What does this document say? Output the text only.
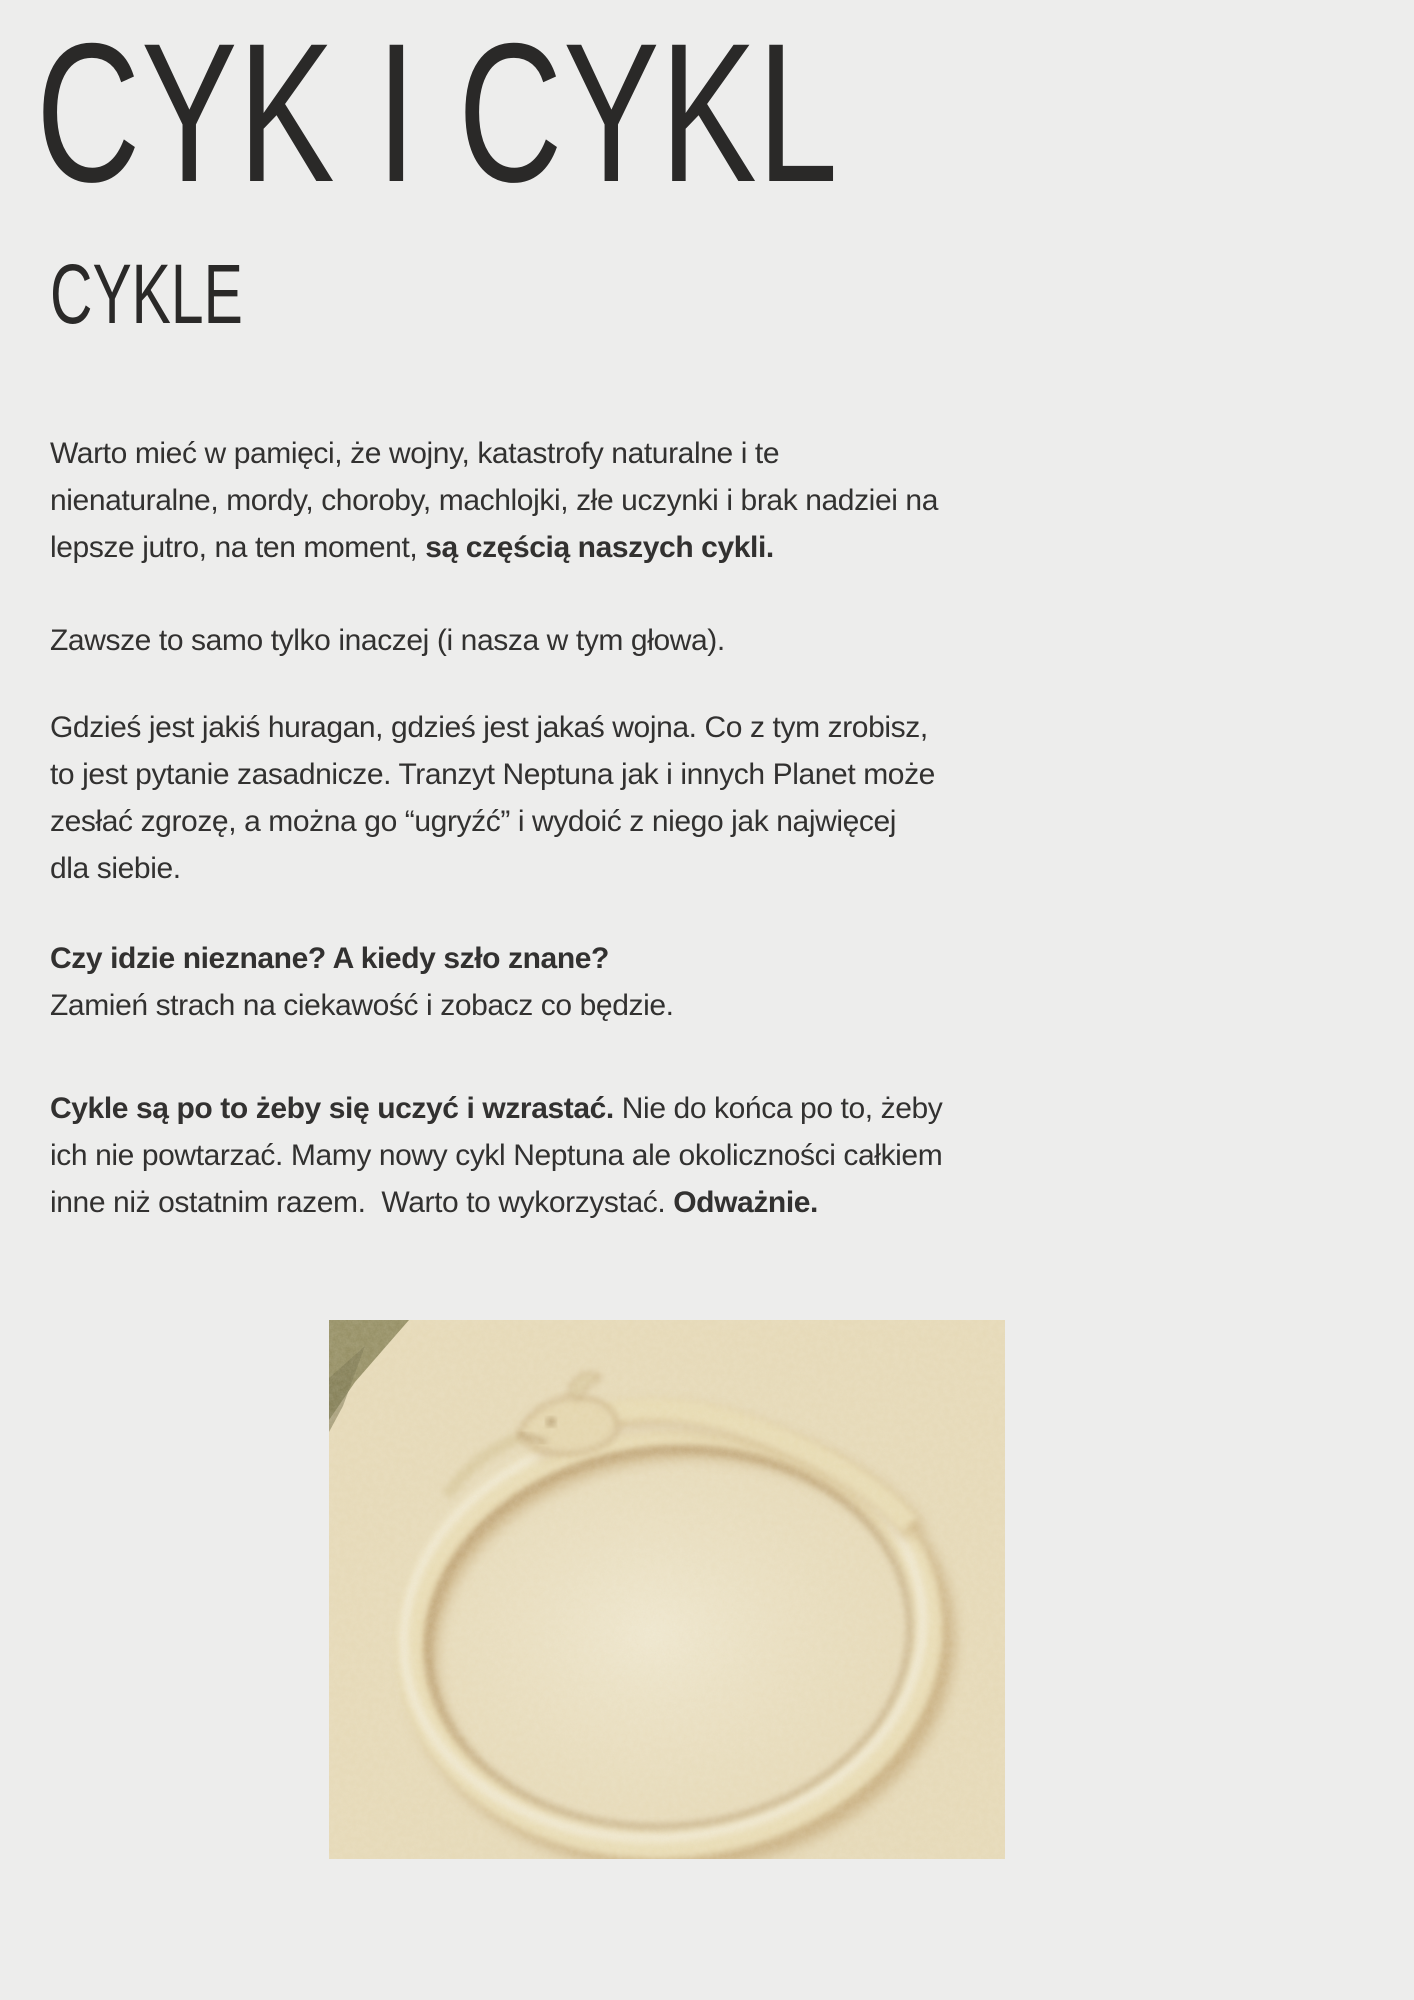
CYK I CYKL
CYKLE

Warto mieć w pamięci, że wojny, katastrofy naturalne i te
nienaturalne, mordy, choroby, machlojki, złe uczynki i brak nadziei na
lepsze jutro, na ten moment, są częścią naszych cykli.

Zawsze to samo tylko inaczej (i nasza w tym głowa).

Gdzieś jest jakiś huragan, gdzieś jest jakaś wojna. Co z tym zrobisz,
to jest pytanie zasadnicze. Tranzyt Neptuna jak i innych Planet może
zesłać zgrozę, a można go “ugryźć” i wydoić z niego jak najwięcej
dla siebie.

Czy idzie nieznane? A kiedy szło znane?
Zamień strach na ciekawość i zobacz co będzie.

Cykle są po to żeby się uczyć i wzrastać. Nie do końca po to, żeby
ich nie powtarzać. Mamy nowy cykl Neptuna ale okoliczności całkiem
inne niż ostatnim razem.  Warto to wykorzystać. Odważnie.
